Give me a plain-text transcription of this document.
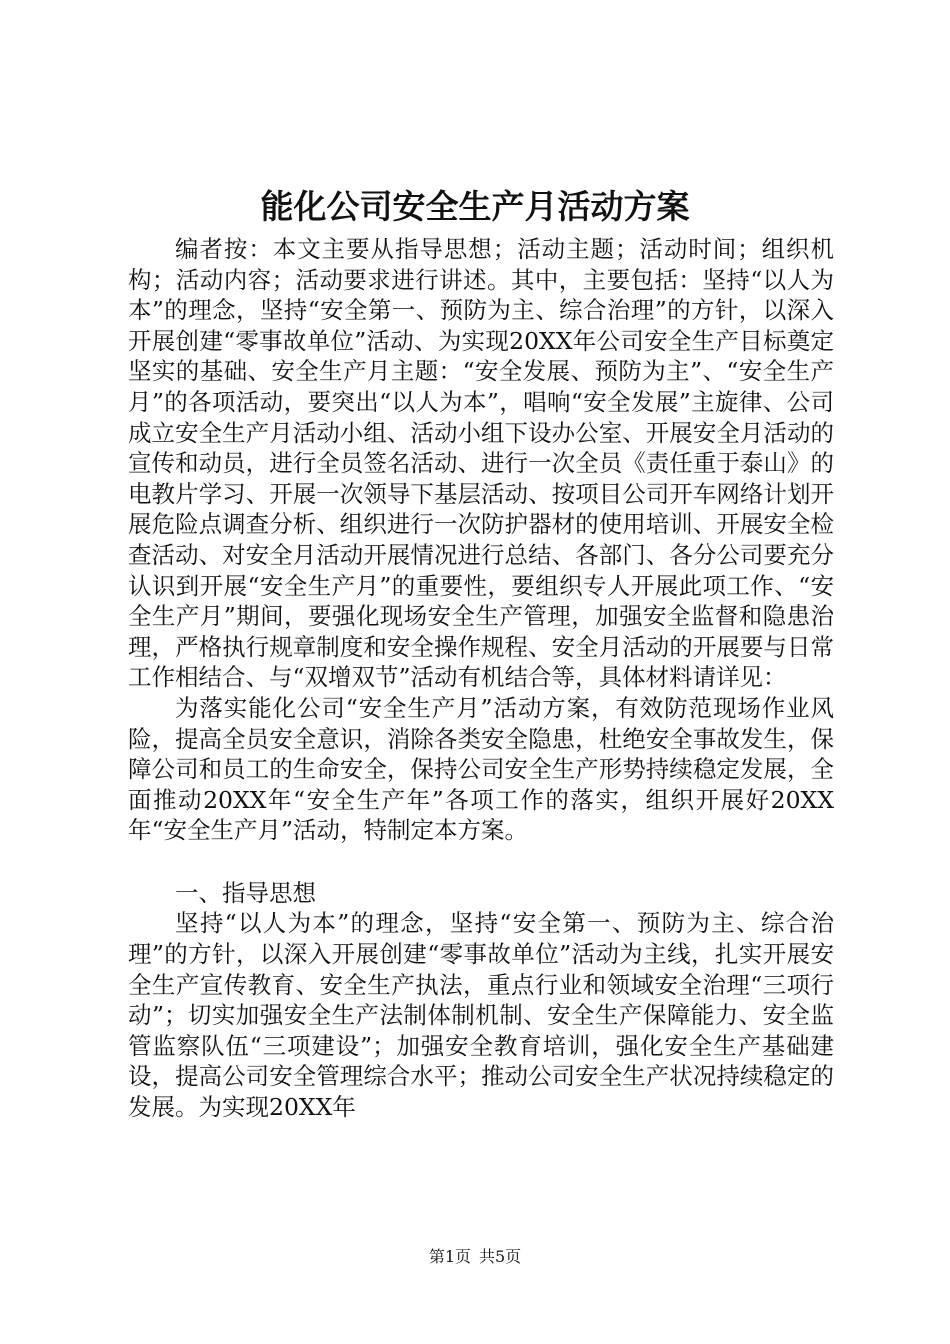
能化公司安全生产月活动方案

编者按：本文主要从指导思想；活动主题；活动时间；组织机构；活动内容；活动要求进行讲述。其中，主要包括：坚持“以人为本”的理念，坚持“安全第一、预防为主、综合治理”的方针，以深入开展创建“零事故单位”活动、为实现20XX年公司安全生产目标奠定坚实的基础、安全生产月主题：“安全发展、预防为主”、“安全生产月”的各项活动，要突出“以人为本”，唱响“安全发展”主旋律、公司成立安全生产月活动小组、活动小组下设办公室、开展安全月活动的宣传和动员，进行全员签名活动、进行一次全员《责任重于泰山》的电教片学习、开展一次领导下基层活动、按项目公司开车网络计划开展危险点调查分析、组织进行一次防护器材的使用培训、开展安全检查活动、对安全月活动开展情况进行总结、各部门、各分公司要充分认识到开展“安全生产月”的重要性，要组织专人开展此项工作、“安全生产月”期间，要强化现场安全生产管理，加强安全监督和隐患治理，严格执行规章制度和安全操作规程、安全月活动的开展要与日常工作相结合、与“双增双节”活动有机结合等，具体材料请详见：

为落实能化公司“安全生产月”活动方案，有效防范现场作业风险，提高全员安全意识，消除各类安全隐患，杜绝安全事故发生，保障公司和员工的生命安全，保持公司安全生产形势持续稳定发展，全面推动20XX年“安全生产年”各项工作的落实，组织开展好20XX年“安全生产月”活动，特制定本方案。

一、指导思想

坚持“以人为本”的理念，坚持“安全第一、预防为主、综合治理”的方针，以深入开展创建“零事故单位”活动为主线，扎实开展安全生产宣传教育、安全生产执法，重点行业和领域安全治理“三项行动”；切实加强安全生产法制体制机制、安全生产保障能力、安全监管监察队伍“三项建设”；加强安全教育培训，强化安全生产基础建设，提高公司安全管理综合水平；推动公司安全生产状况持续稳定的发展。为实现20XX年

第1页 共5页
